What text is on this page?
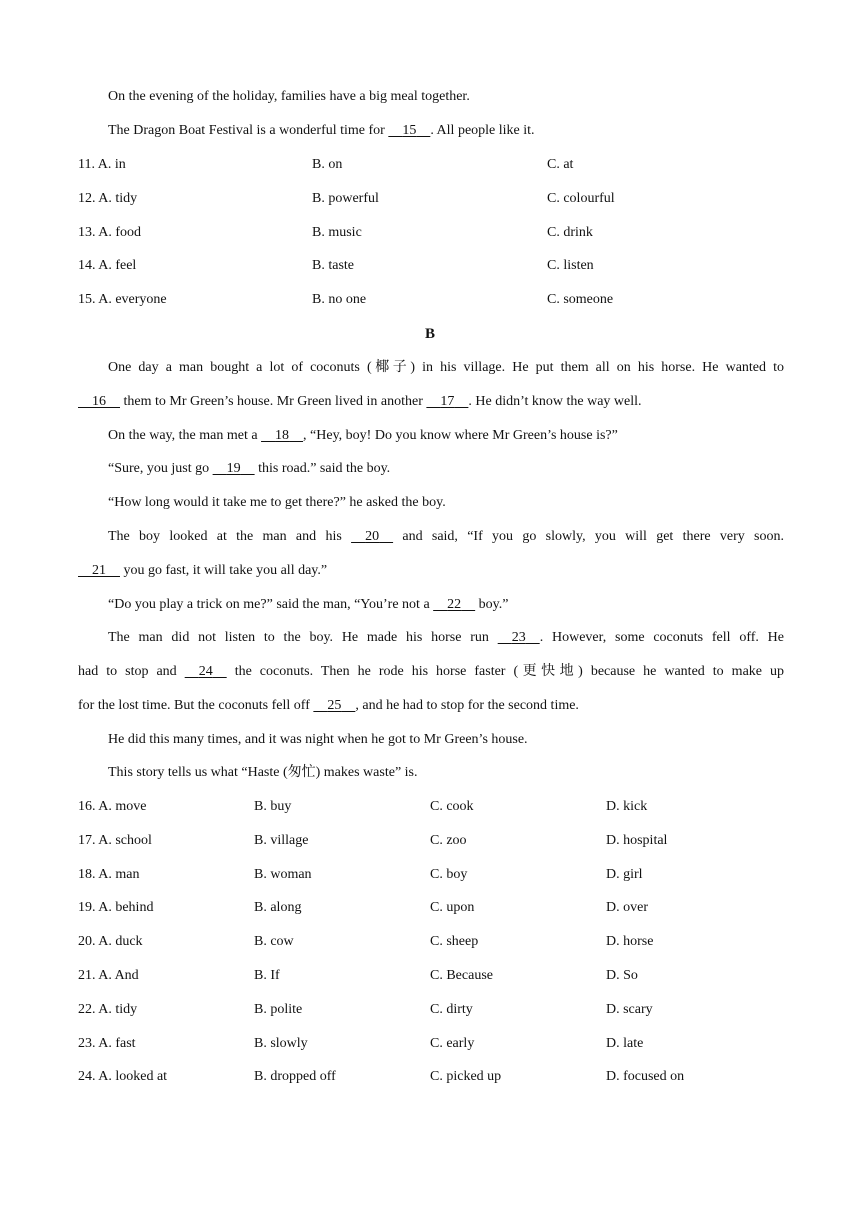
On the evening of the holiday, families have a big meal together.
The Dragon Boat Festival is a wonderful time for 15 . All people like it.
11. A. in	B. on	C. at
12. A. tidy	B. powerful	C. colourful
13. A. food	B. music	C. drink
14. A. feel	B. taste	C. listen
15. A. everyone	B. no one	C. someone
B
One day a man bought a lot of coconuts (椰子) in his village. He put them all on his horse. He wanted to
16     them to Mr Green’s house. Mr Green lived in another     17 . He didn’t know the way well.
On the way, the man met a     18 , “Hey, boy! Do you know where Mr Green’s house is?”
“Sure, you just go     19     this road.” said the boy.
“How long would it take me to get there?” he asked the boy.
The boy looked at the man and his     20     and said, “If you go slowly, you will get there very soon.
21     you go fast, it will take you all day.”
“Do you play a trick on me?” said the man, “You’re not a     22     boy.”
The man did not listen to the boy. He made his horse run     23 . However, some coconuts fell off. He
had to stop and     24     the coconuts. Then he rode his horse faster (更快地) because he wanted to make up
for the lost time. But the coconuts fell off     25 , and he had to stop for the second time.
He did this many times, and it was night when he got to Mr Green’s house.
This story tells us what “Haste (匆忙) makes waste” is.
16. A. move	B. buy	C. cook	D. kick
17. A. school	B. village	C. zoo	D. hospital
18. A. man	B. woman	C. boy	D. girl
19. A. behind	B. along	C. upon	D. over
20. A. duck	B. cow	C. sheep	D. horse
21. A. And	B. If	C. Because	D. So
22. A. tidy	B. polite	C. dirty	D. scary
23. A. fast	B. slowly	C. early	D. late
24. A. looked at	B. dropped off	C. picked up	D. focused on
